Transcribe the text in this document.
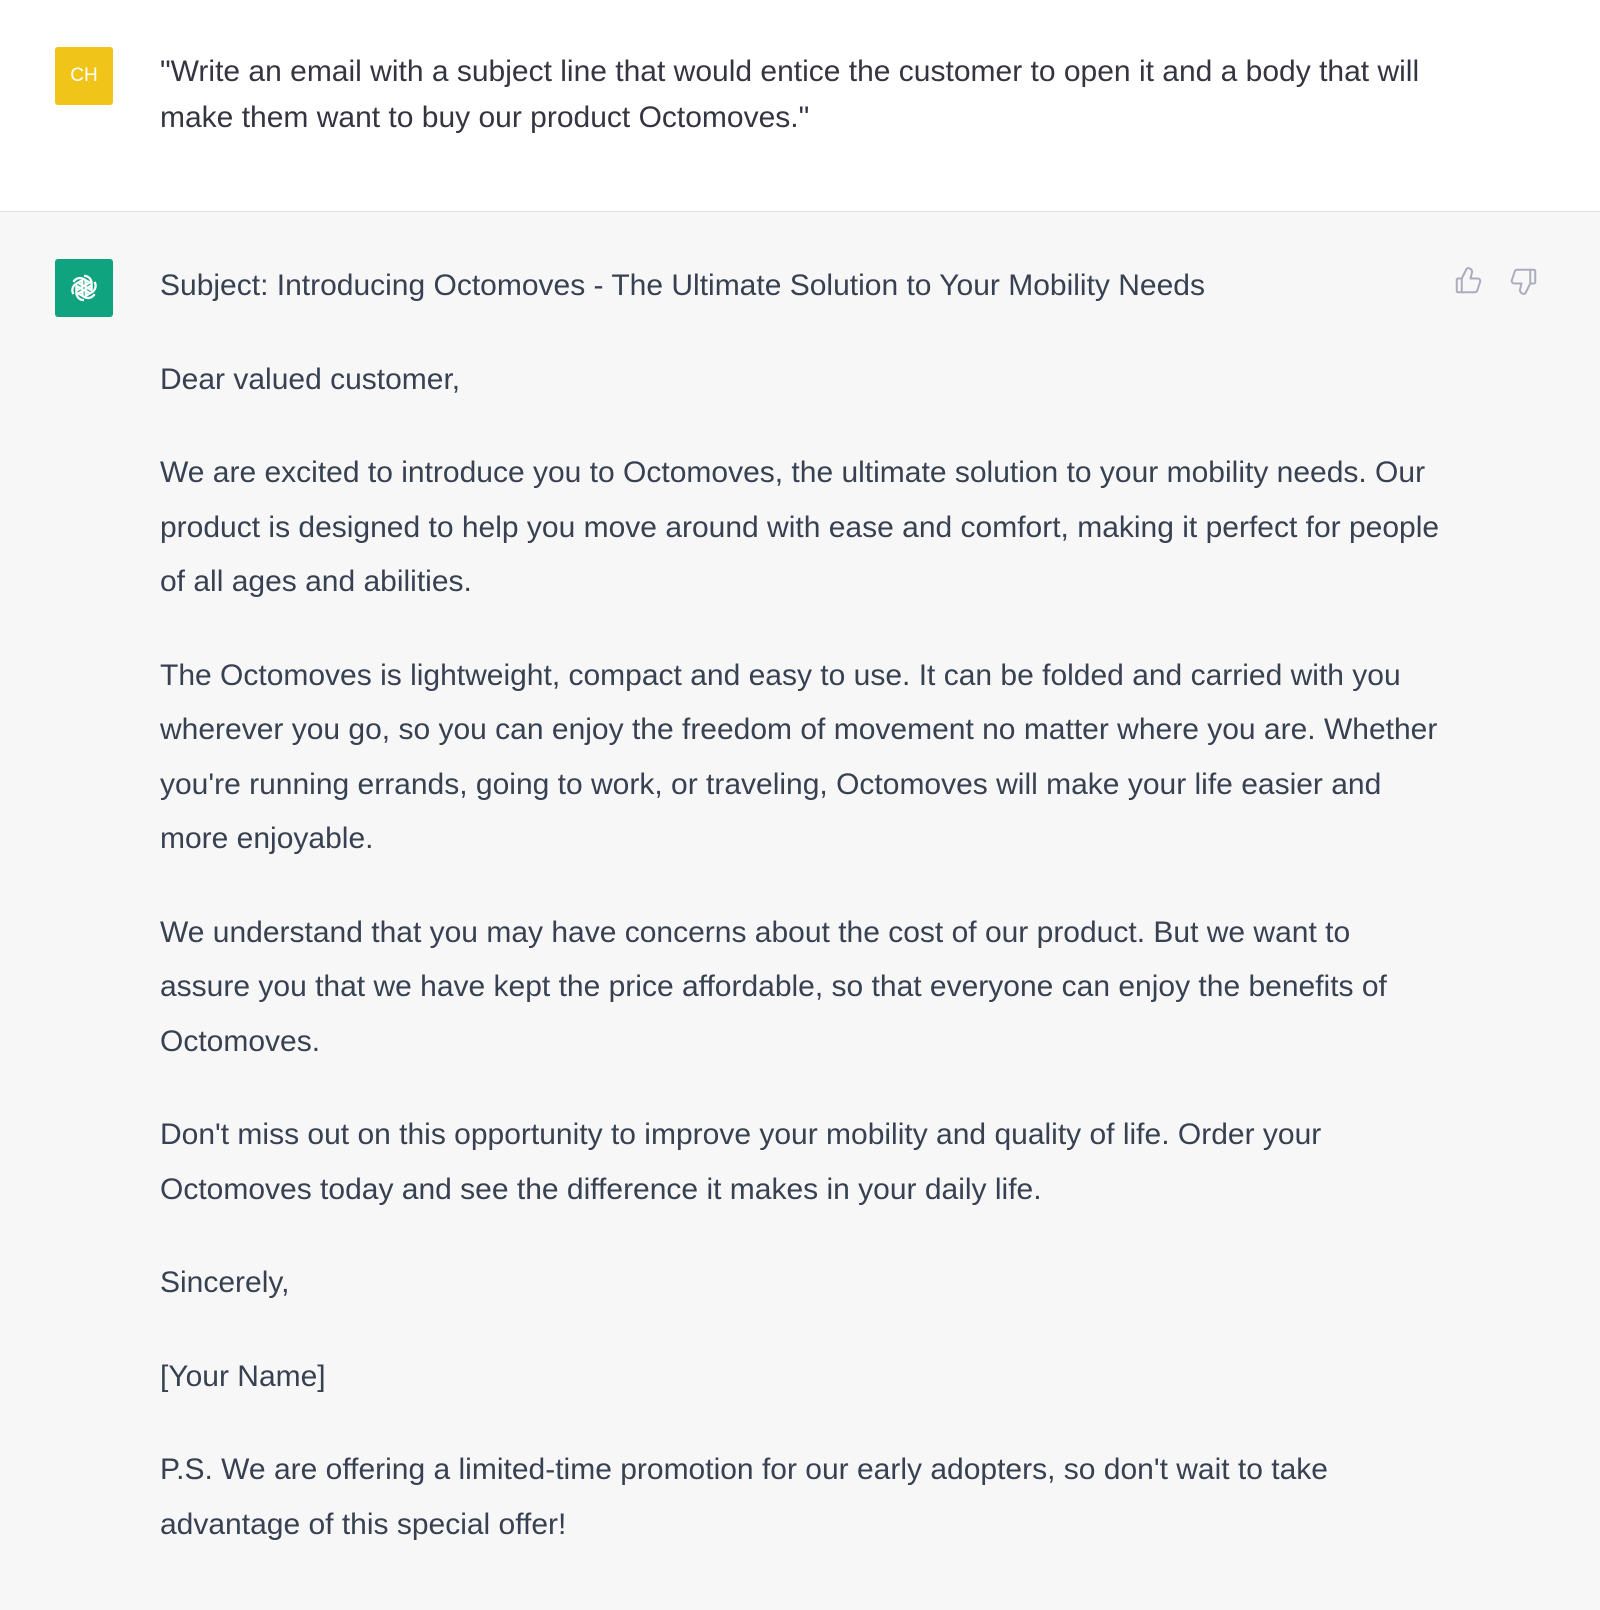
CH "Write an email with a subject line that would entice the customer to open it and a body that will make them want to buy our product Octomoves."

Subject: Introducing Octomoves - The Ultimate Solution to Your Mobility Needs

Dear valued customer,

We are excited to introduce you to Octomoves, the ultimate solution to your mobility needs. Our product is designed to help you move around with ease and comfort, making it perfect for people of all ages and abilities.

The Octomoves is lightweight, compact and easy to use. It can be folded and carried with you wherever you go, so you can enjoy the freedom of movement no matter where you are. Whether you're running errands, going to work, or traveling, Octomoves will make your life easier and more enjoyable.

We understand that you may have concerns about the cost of our product. But we want to assure you that we have kept the price affordable, so that everyone can enjoy the benefits of Octomoves.

Don't miss out on this opportunity to improve your mobility and quality of life. Order your Octomoves today and see the difference it makes in your daily life.

Sincerely,

[Your Name]

P.S. We are offering a limited-time promotion for our early adopters, so don't wait to take advantage of this special offer!
